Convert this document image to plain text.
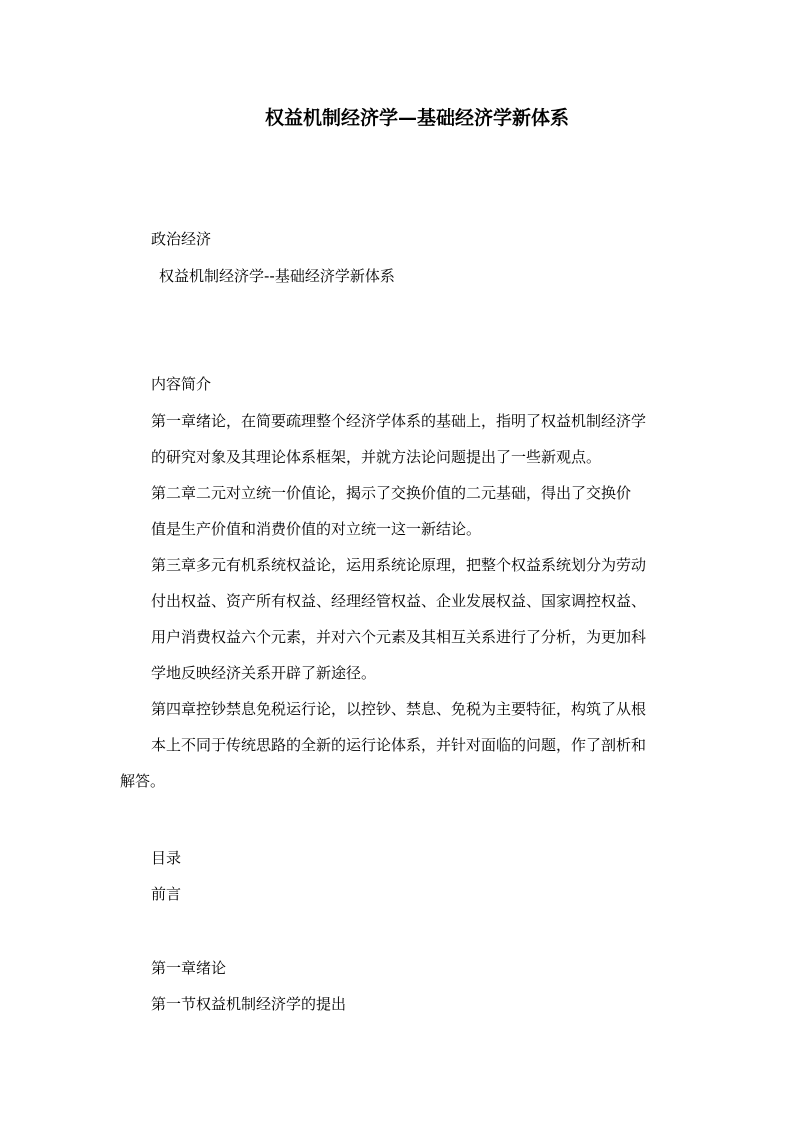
权益机制经济学—基础经济学新体系
政治经济
权益机制经济学--基础经济学新体系
内容简介
第一章绪论，在简要疏理整个经济学体系的基础上，指明了权益机制经济学
的研究对象及其理论体系框架，并就方法论问题提出了一些新观点。
第二章二元对立统一价值论，揭示了交换价值的二元基础，得出了交换价
值是生产价值和消费价值的对立统一这一新结论。
第三章多元有机系统权益论，运用系统论原理，把整个权益系统划分为劳动
付出权益、资产所有权益、经理经管权益、企业发展权益、国家调控权益、
用户消费权益六个元素，并对六个元素及其相互关系进行了分析，为更加科
学地反映经济关系开辟了新途径。
第四章控钞禁息免税运行论，以控钞、禁息、免税为主要特征，构筑了从根
本上不同于传统思路的全新的运行论体系，并针对面临的问题，作了剖析和
解答。
目录
前言
第一章绪论
第一节权益机制经济学的提出
